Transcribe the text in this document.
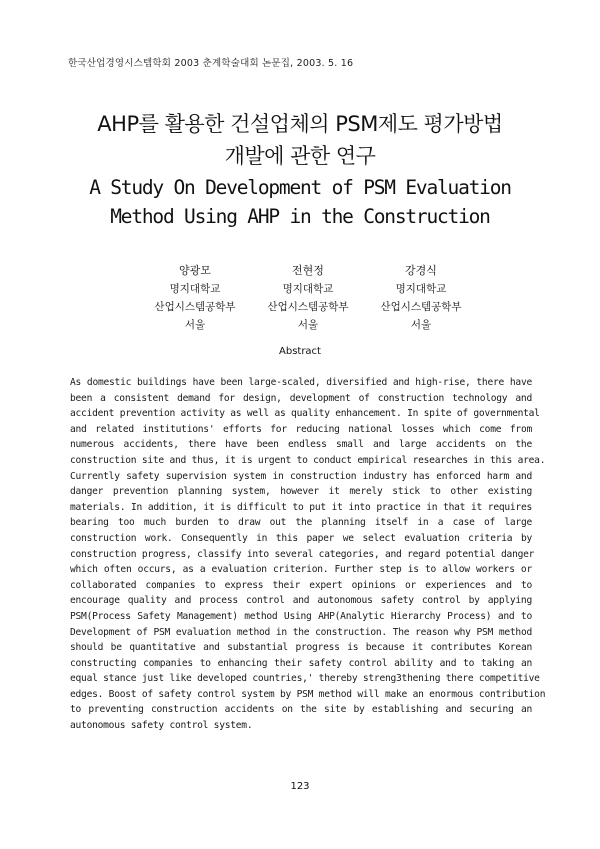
한국산업경영시스템학회 2003 춘계학술대회 논문집, 2003. 5. 16
AHP를 활용한 건설업체의 PSM제도 평가방법
개발에 관한 연구
A Study On Development of PSM Evaluation
Method Using AHP in the Construction
양광모
명지대학교
산업시스템공학부
서울
전현정
명지대학교
산업시스템공학부
서울
강경식
명지대학교
산업시스템공학부
서울
Abstract
As domestic buildings have been large-scaled, diversified and high-rise, there have
been a consistent demand for design, development of construction technology and
accident prevention activity as well as quality enhancement. In spite of governmental
and related institutions' efforts for reducing national losses which come from
numerous accidents, there have been endless small and large accidents on the
construction site and thus, it is urgent to conduct empirical researches in this area.
Currently safety supervision system in construction industry has enforced harm and
danger prevention planning system, however it merely stick to other existing
materials. In addition, it is difficult to put it into practice in that it requires
bearing too much burden to draw out the planning itself in a case of large
construction work. Consequently in this paper we select evaluation criteria by
construction progress, classify into several categories, and regard potential danger
which often occurs, as a evaluation criterion. Further step is to allow workers or
collaborated companies to express their expert opinions or experiences and to
encourage quality and process control and autonomous safety control by applying
PSM(Process Safety Management) method Using AHP(Analytic Hierarchy Process) and to
Development of PSM evaluation method in the construction. The reason why PSM method
should be quantitative and substantial progress is because it contributes Korean
constructing companies to enhancing their safety control ability and to taking an
equal stance just like developed countries,' thereby streng3thening there competitive
edges. Boost of safety control system by PSM method will make an enormous contribution
to preventing construction accidents on the site by establishing and securing an
autonomous safety control system.
123
